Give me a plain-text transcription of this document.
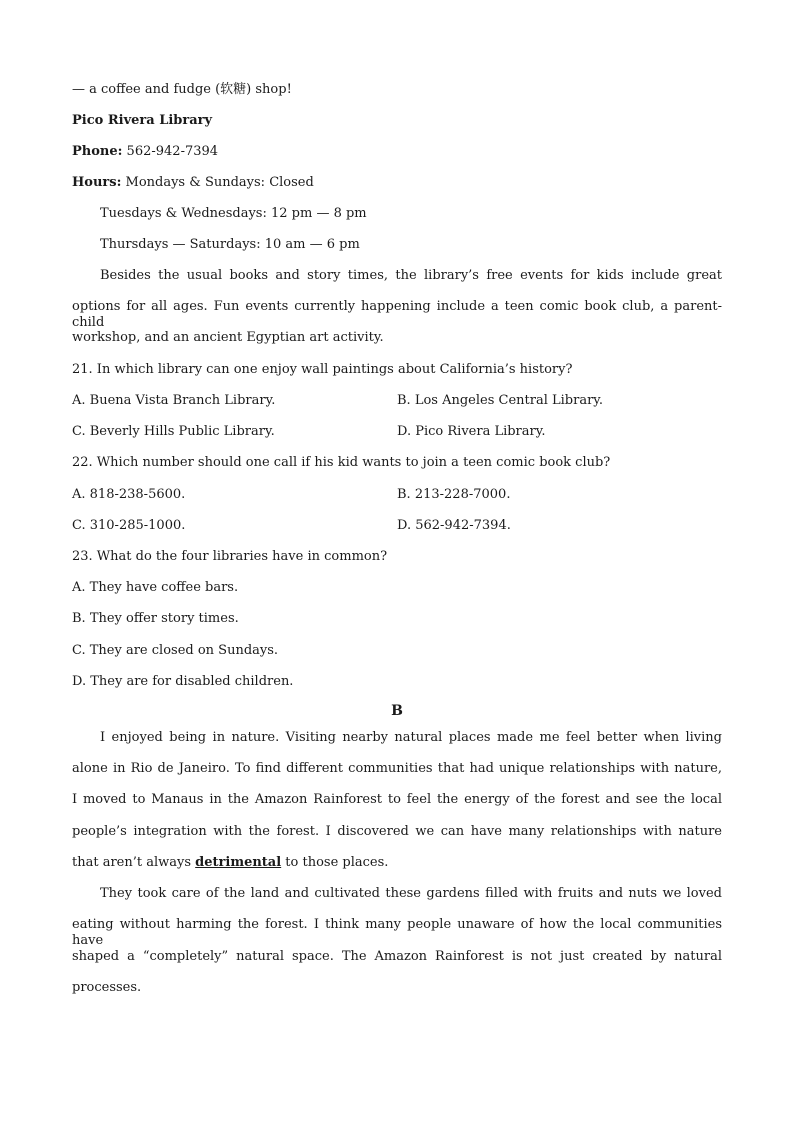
— a coffee and fudge (软糖) shop!
Pico Rivera Library
Phone: 562-942-7394
Hours: Mondays & Sundays: Closed
Tuesdays & Wednesdays: 12 pm — 8 pm
Thursdays — Saturdays: 10 am — 6 pm
Besides the usual books and story times, the library’s free events for kids include great
options for all ages. Fun events currently happening include a teen comic book club, a parent-child
workshop, and an ancient Egyptian art activity.
21. In which library can one enjoy wall paintings about California’s history?
A. Buena Vista Branch Library.	B. Los Angeles Central Library.
C. Beverly Hills Public Library.	D. Pico Rivera Library.
22. Which number should one call if his kid wants to join a teen comic book club?
A. 818-238-5600.	B. 213-228-7000.
C. 310-285-1000.	D. 562-942-7394.
23. What do the four libraries have in common?
A. They have coffee bars.
B. They offer story times.
C. They are closed on Sundays.
D. They are for disabled children.
B
I enjoyed being in nature. Visiting nearby natural places made me feel better when living
alone in Rio de Janeiro. To find different communities that had unique relationships with nature,
I moved to Manaus in the Amazon Rainforest to feel the energy of the forest and see the local
people’s integration with the forest. I discovered we can have many relationships with nature
that aren’t always detrimental to those places.
They took care of the land and cultivated these gardens filled with fruits and nuts we loved
eating without harming the forest. I think many people unaware of how the local communities have
shaped a “completely” natural space. The Amazon Rainforest is not just created by natural
processes.
